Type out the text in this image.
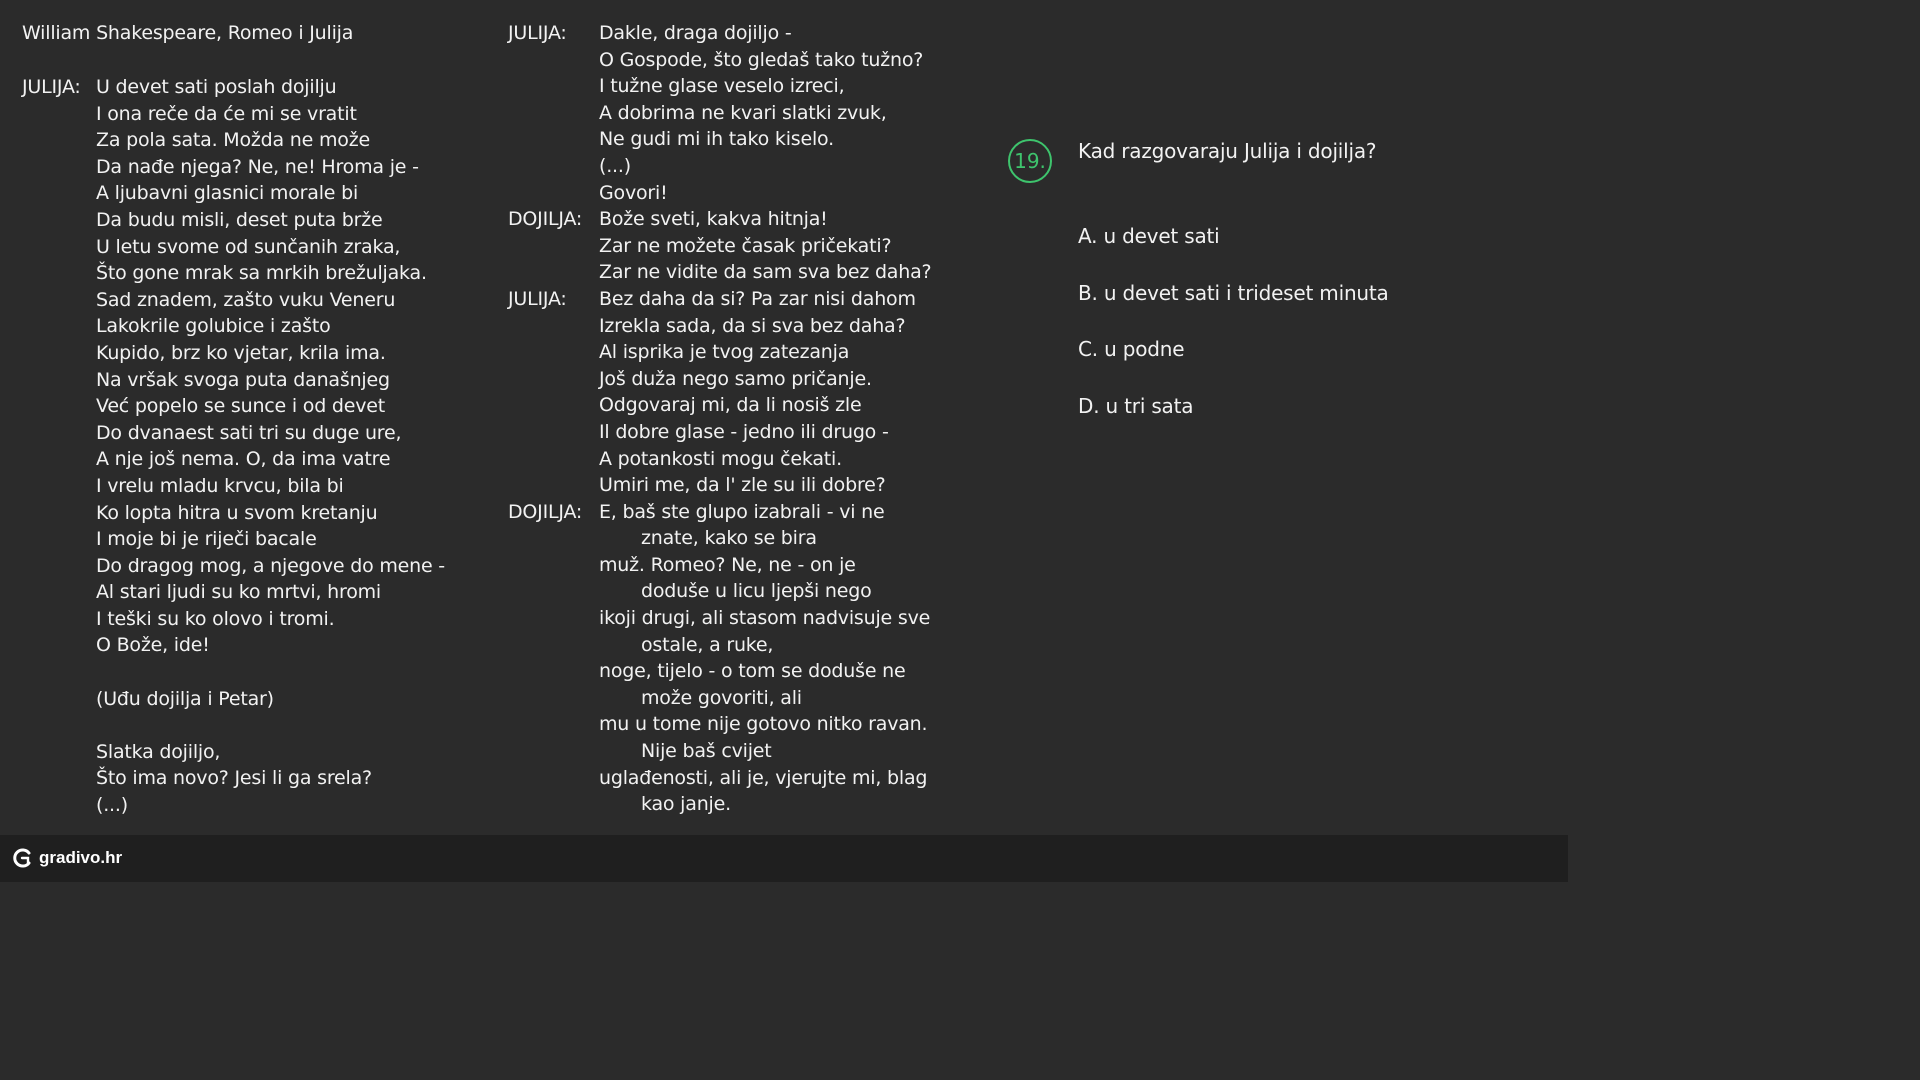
William Shakespeare, Romeo i Julija
JULIJA: U devet sati poslah dojilju
I ona reče da će mi se vratit
Za pola sata. Možda ne može
Da nađe njega? Ne, ne! Hroma je -
A ljubavni glasnici morale bi
Da budu misli, deset puta brže
U letu svome od sunčanih zraka,
Što gone mrak sa mrkih brežuljaka.
Sad znadem, zašto vuku Veneru
Lakokrile golubice i zašto
Kupido, brz ko vjetar, krila ima.
Na vršak svoga puta današnjeg
Već popelo se sunce i od devet
Do dvanaest sati tri su duge ure,
A nje još nema. O, da ima vatre
I vrelu mladu krvcu, bila bi
Ko lopta hitra u svom kretanju
I moje bi je riječi bacale
Do dragog mog, a njegove do mene -
Al stari ljudi su ko mrtvi, hromi
I teški su ko olovo i tromi.
O Bože, ide!
(Uđu dojilja i Petar)
Slatka dojiljo,
Što ima novo? Jesi li ga srela?
(...)
JULIJA:	Dakle, draga dojiljo -
O Gospode, što gledaš tako tužno?
I tužne glase veselo izreci,
A dobrima ne kvari slatki zvuk,
Ne gudi mi ih tako kiselo.
(...)
Govori!
DOJILJA: Bože sveti, kakva hitnja!
Zar ne možete časak pričekati?
Zar ne vidite da sam sva bez daha?
JULIJA:	Bez daha da si? Pa zar nisi dahom
Izrekla sada, da si sva bez daha?
Al isprika je tvog zatezanja
Još duža nego samo pričanje.
Odgovaraj mi, da li nosiš zle
Il dobre glase - jedno ili drugo -
A potankosti mogu čekati.
Umiri me, da l' zle su ili dobre?
DOJILJA: E, baš ste glupo izabrali - vi ne
znate, kako se bira
muž. Romeo? Ne, ne - on je
doduše u licu ljepši nego
ikoji drugi, ali stasom nadvisuje sve
ostale, a ruke,
noge, tijelo - o tom se doduše ne
može govoriti, ali
mu u tome nije gotovo nitko ravan.
Nije baš cvijet
uglađenosti, ali je, vjerujte mi, blag
kao janje.
19.	Kad razgovaraju Julija i dojilja?
A. u devet sati
B. u devet sati i trideset minuta
C. u podne
D. u tri sata
gradivo.hr
